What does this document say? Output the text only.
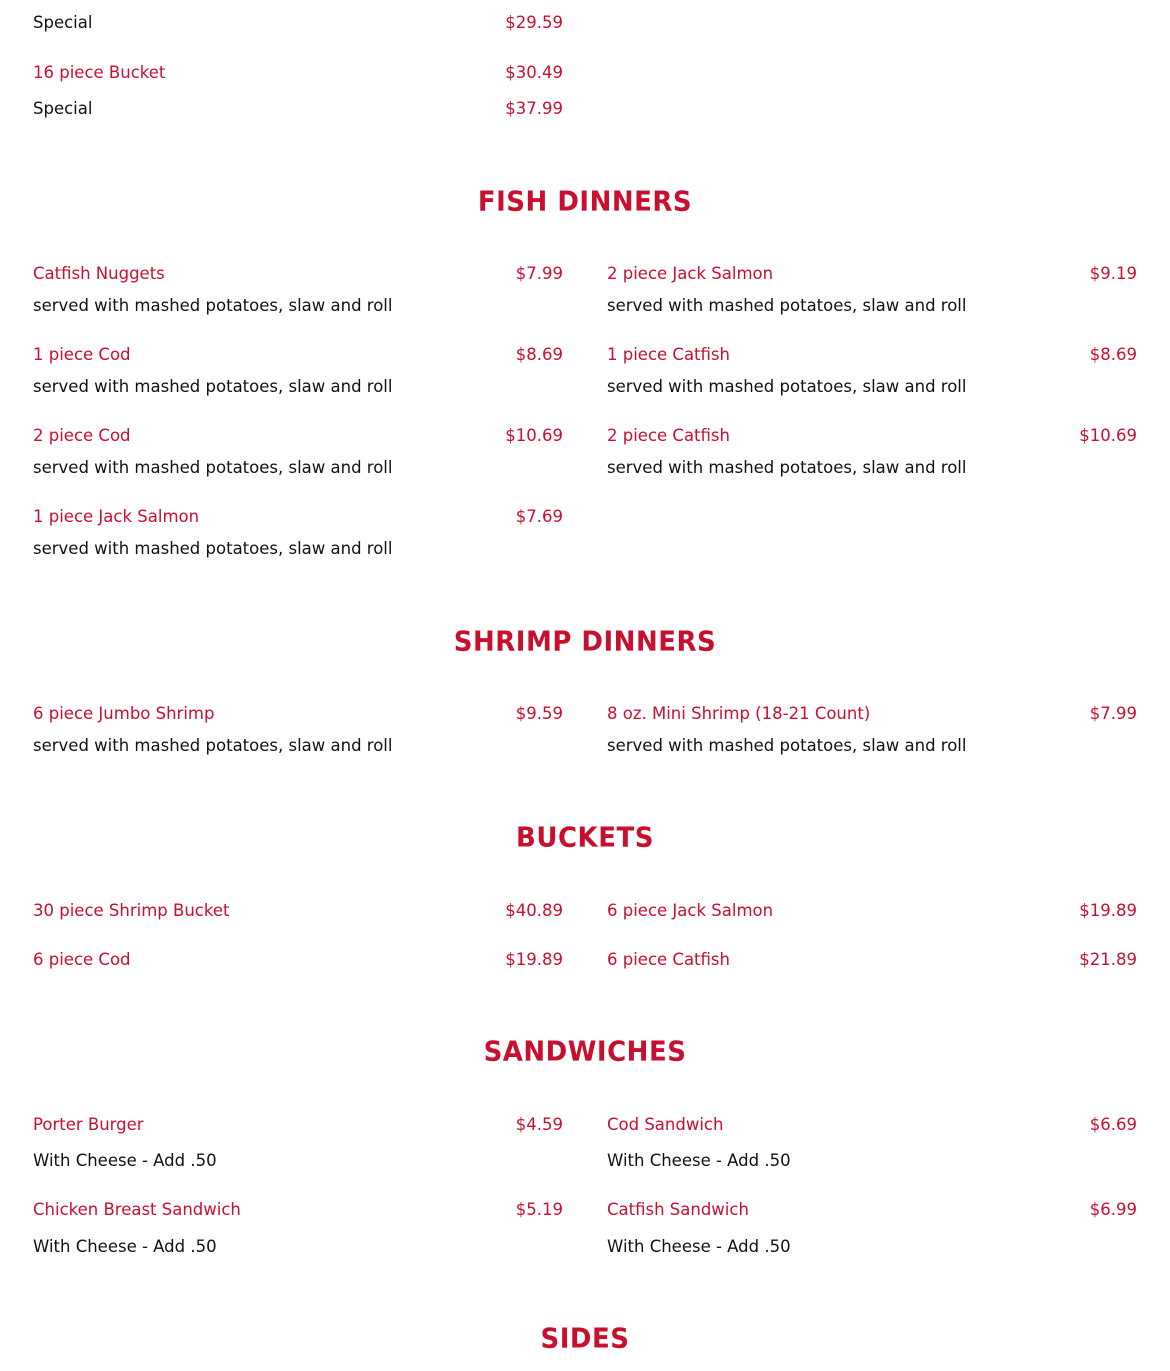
Special	$29.59
16 piece Bucket	$30.49
Special	$37.99
FISH DINNERS
Catfish Nuggets	$7.99
served with mashed potatoes, slaw and roll
1 piece Cod	$8.69
served with mashed potatoes, slaw and roll
2 piece Cod	$10.69
served with mashed potatoes, slaw and roll
1 piece Jack Salmon	$7.69
served with mashed potatoes, slaw and roll
2 piece Jack Salmon	$9.19
served with mashed potatoes, slaw and roll
1 piece Catfish	$8.69
served with mashed potatoes, slaw and roll
2 piece Catfish	$10.69
served with mashed potatoes, slaw and roll
SHRIMP DINNERS
6 piece Jumbo Shrimp	$9.59
served with mashed potatoes, slaw and roll
8 oz. Mini Shrimp (18-21 Count)	$7.99
served with mashed potatoes, slaw and roll
BUCKETS
30 piece Shrimp Bucket	$40.89
6 piece Cod	$19.89
6 piece Jack Salmon	$19.89
6 piece Catfish	$21.89
SANDWICHES
Porter Burger	$4.59
With Cheese - Add .50
Chicken Breast Sandwich	$5.19
With Cheese - Add .50
Cod Sandwich	$6.69
With Cheese - Add .50
Catfish Sandwich	$6.99
With Cheese - Add .50
SIDES
